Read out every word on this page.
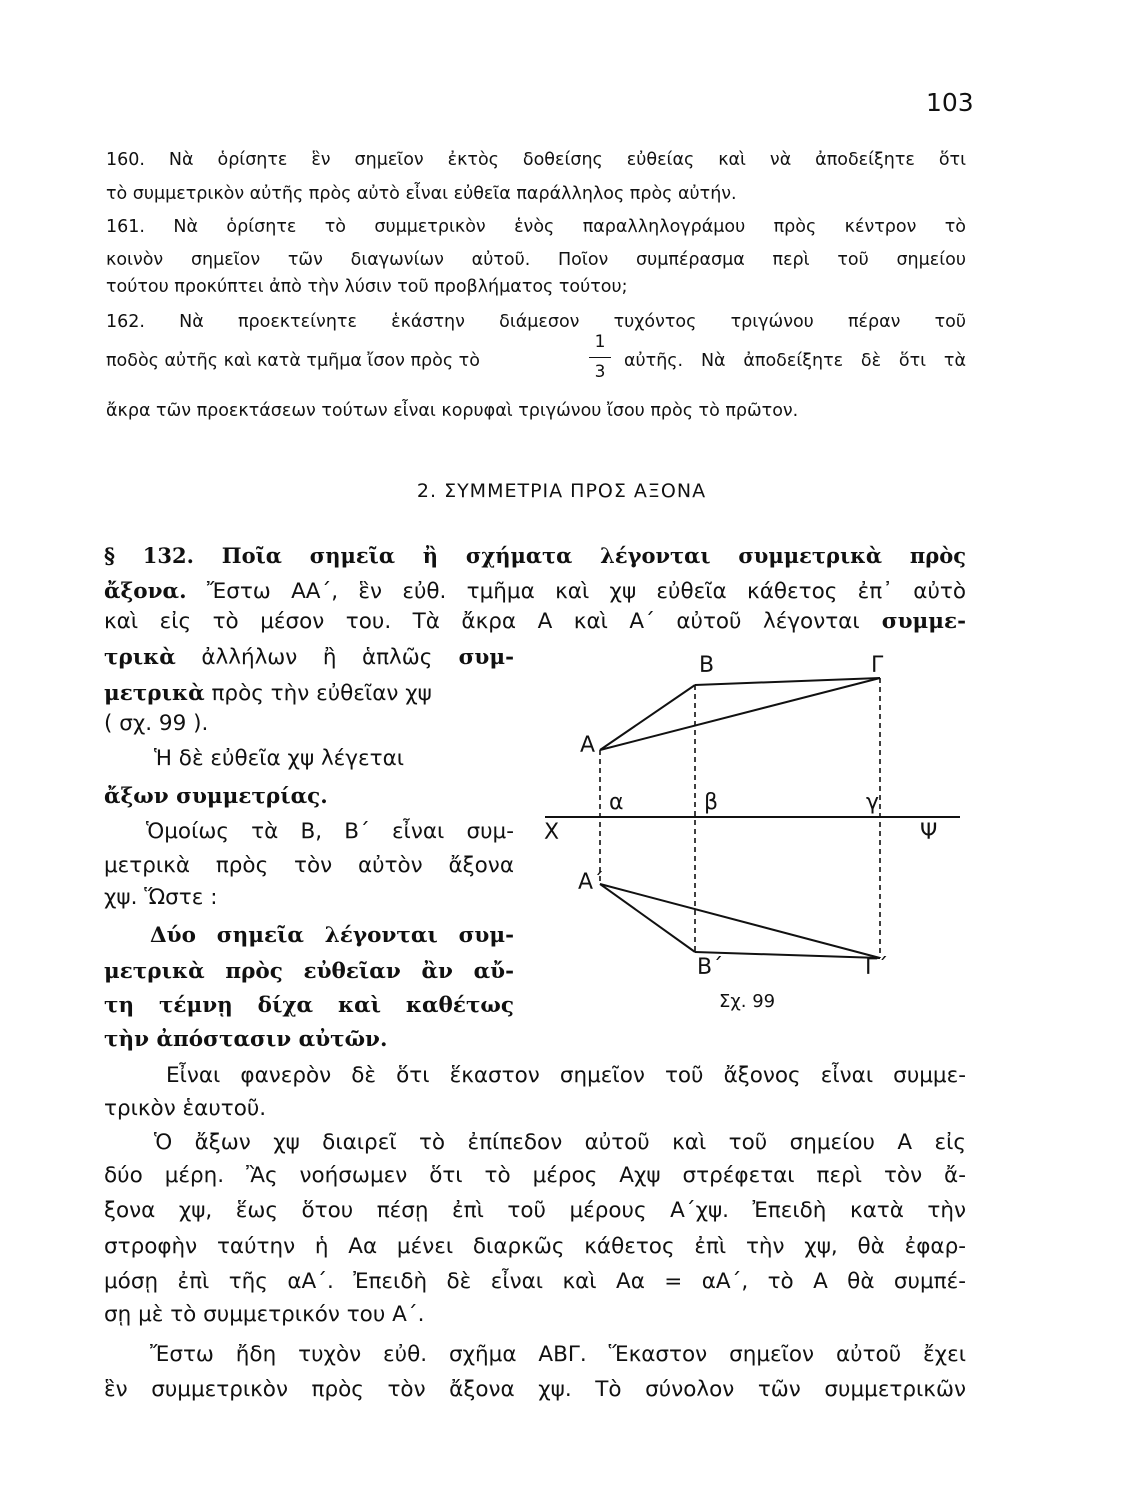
103
160. Νὰ ὁρίσητε ἓν σημεῖον ἐκτὸς δοθείσης εὐθείας καὶ νὰ ἀποδείξητε ὅτι
τὸ συμμετρικὸν αὐτῆς πρὸς αὐτὸ εἶναι εὐθεῖα παράλληλος πρὸς αὐτήν.
161. Νὰ ὁρίσητε τὸ συμμετρικὸν ἑνὸς παραλληλογράμου πρὸς κέντρον τὸ
κοινὸν σημεῖον τῶν διαγωνίων αὐτοῦ. Ποῖον συμπέρασμα περὶ τοῦ σημείου
τούτου προκύπτει ἀπὸ τὴν λύσιν τοῦ προβλήματος τούτου;
162. Νὰ προεκτείνητε ἑκάστην διάμεσον τυχόντος τριγώνου πέραν τοῦ
ποδὸς αὐτῆς καὶ κατὰ τμῆμα ἴσον πρὸς τὸ
1
3
αὐτῆς. Νὰ ἀποδείξητε δὲ ὅτι τὰ
ἄκρα τῶν προεκτάσεων τούτων εἶναι κορυφαὶ τριγώνου ἴσου πρὸς τὸ πρῶτον.
2. ΣΥΜΜΕΤΡΙΑ ΠΡΟΣ ΑΞΟΝΑ
§ 132. Ποῖα σημεῖα ἢ σχήματα λέγονται συμμετρικὰ πρὸς
ἄξονα. Ἔστω ΑΑ΄, ἓν εὐθ. τμῆμα καὶ χψ εὐθεῖα κάθετος ἐπ᾿ αὐτὸ
καὶ εἰς τὸ μέσον του. Τὰ ἄκρα Α καὶ Α΄ αὐτοῦ λέγονται συμμε-
τρικὰ ἀλλήλων ἢ ἁπλῶς συμ-
μετρικὰ πρὸς τὴν εὐθεῖαν χψ
( σχ. 99 ).
Ἡ δὲ εὐθεῖα χψ λέγεται
ἄξων συμμετρίας.
Ὁμοίως τὰ Β, Β΄ εἶναι συμ-
μετρικὰ πρὸς τὸν αὐτὸν ἄξονα
χψ. Ὥστε :
Δύο σημεῖα λέγονται συμ-
μετρικὰ πρὸς εὐθεῖαν ἂν αὔ-
τη τέμνῃ δίχα καὶ καθέτως
τὴν ἀπόστασιν αὐτῶν.
Α
Β	Γ
Α΄
Β΄	Γ΄
α	β	γ
Χ	Ψ
Σχ. 99
Εἶναι φανερὸν δὲ ὅτι ἕκαστον σημεῖον τοῦ ἄξονος εἶναι συμμε-
τρικὸν ἑαυτοῦ.
Ὁ ἄξων χψ διαιρεῖ τὸ ἐπίπεδον αὐτοῦ καὶ τοῦ σημείου Α εἰς
δύο μέρη. Ἂς νοήσωμεν ὅτι τὸ μέρος Αχψ στρέφεται περὶ τὸν ἄ-
ξονα χψ, ἕως ὅτου πέσῃ ἐπὶ τοῦ μέρους Α΄χψ. Ἐπειδὴ κατὰ τὴν
στροφὴν ταύτην ἡ Αα μένει διαρκῶς κάθετος ἐπὶ τὴν χψ, θὰ ἐφαρ-
μόσῃ ἐπὶ τῆς αΑ΄. Ἐπειδὴ δὲ εἶναι καὶ Αα = αΑ΄, τὸ Α θὰ συμπέ-
σῃ μὲ τὸ συμμετρικόν του Α΄.
Ἔστω ἤδη τυχὸν εὐθ. σχῆμα ΑΒΓ. Ἕκαστον σημεῖον αὐτοῦ ἔχει
ἓν συμμετρικὸν πρὸς τὸν ἄξονα χψ. Τὸ σύνολον τῶν συμμετρικῶν
